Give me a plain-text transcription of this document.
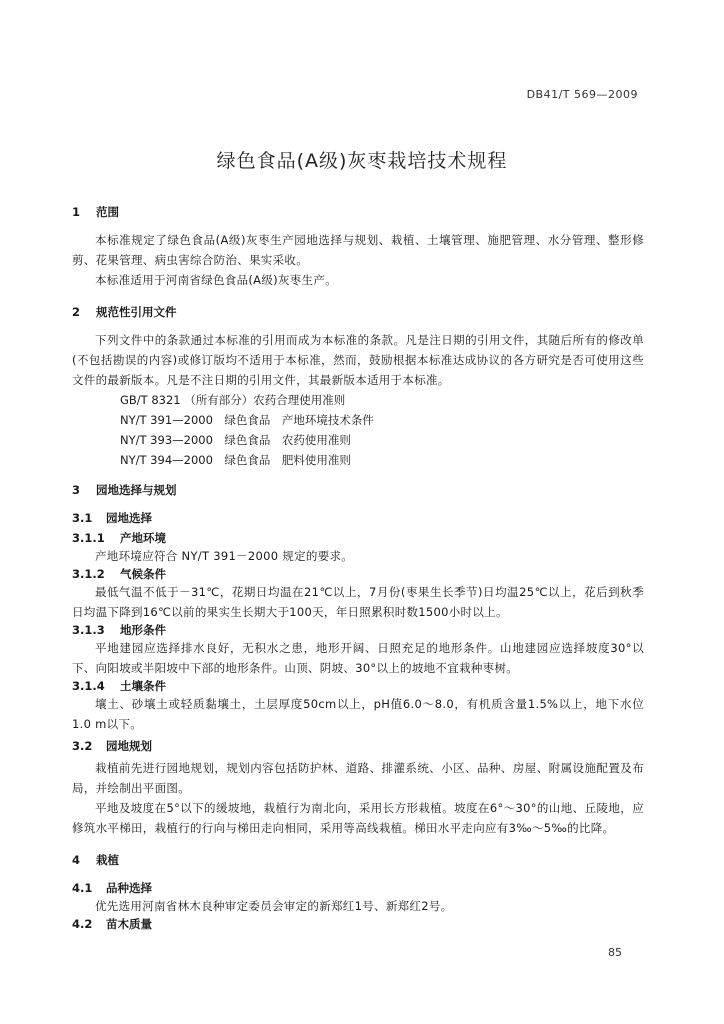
DB41/T 569—2009
绿色食品(A级)灰枣栽培技术规程
1 范围

本标准规定了绿色食品(A级)灰枣生产园地选择与规划、栽植、土壤管理、施肥管理、水分管理、整形修剪、花果管理、病虫害综合防治、果实采收。

本标准适用于河南省绿色食品(A级)灰枣生产。

2 规范性引用文件

下列文件中的条款通过本标准的引用而成为本标准的条款。凡是注日期的引用文件，其随后所有的修改单(不包括勘误的内容)或修订版均不适用于本标准，然而，鼓励根据本标准达成协议的各方研究是否可使用这些文件的最新版本。凡是不注日期的引用文件，其最新版本适用于本标准。

GB/T 8321 （所有部分）农药合理使用准则
NY/T 391—2000　绿色食品　产地环境技术条件
NY/T 393—2000　绿色食品　农药使用准则
NY/T 394—2000　绿色食品　肥料使用准则
3 园地选择与规划
3.1 园地选择
3.1.1 产地环境

产地环境应符合 NY/T 391－2000 规定的要求。

3.1.2 气候条件

最低气温不低于－31℃，花期日均温在21℃以上，7月份(枣果生长季节)日均温25℃以上，花后到秋季日均温下降到16℃以前的果实生长期大于100天，年日照累积时数1500小时以上。

3.1.3 地形条件

平地建园应选择排水良好，无积水之患，地形开阔、日照充足的地形条件。山地建园应选择坡度30°以下、向阳坡或半阳坡中下部的地形条件。山顶、阴坡、30°以上的坡地不宜栽种枣树。

3.1.4 土壤条件

壤土、砂壤土或轻质黏壤土，土层厚度50cm以上，pH值6.0～8.0，有机质含量1.5%以上，地下水位1.0 m以下。

3.2 园地规划

栽植前先进行园地规划，规划内容包括防护林、道路、排灌系统、小区、品种、房屋、附属设施配置及布局，并绘制出平面图。

平地及坡度在5°以下的缓坡地，栽植行为南北向，采用长方形栽植。坡度在6°～30°的山地、丘陵地，应修筑水平梯田，栽植行的行向与梯田走向相同，采用等高线栽植。梯田水平走向应有3‰～5‰的比降。

4 栽植
4.1 品种选择

优先选用河南省林木良种审定委员会审定的新郑红1号、新郑红2号。

4.2 苗木质量
85
